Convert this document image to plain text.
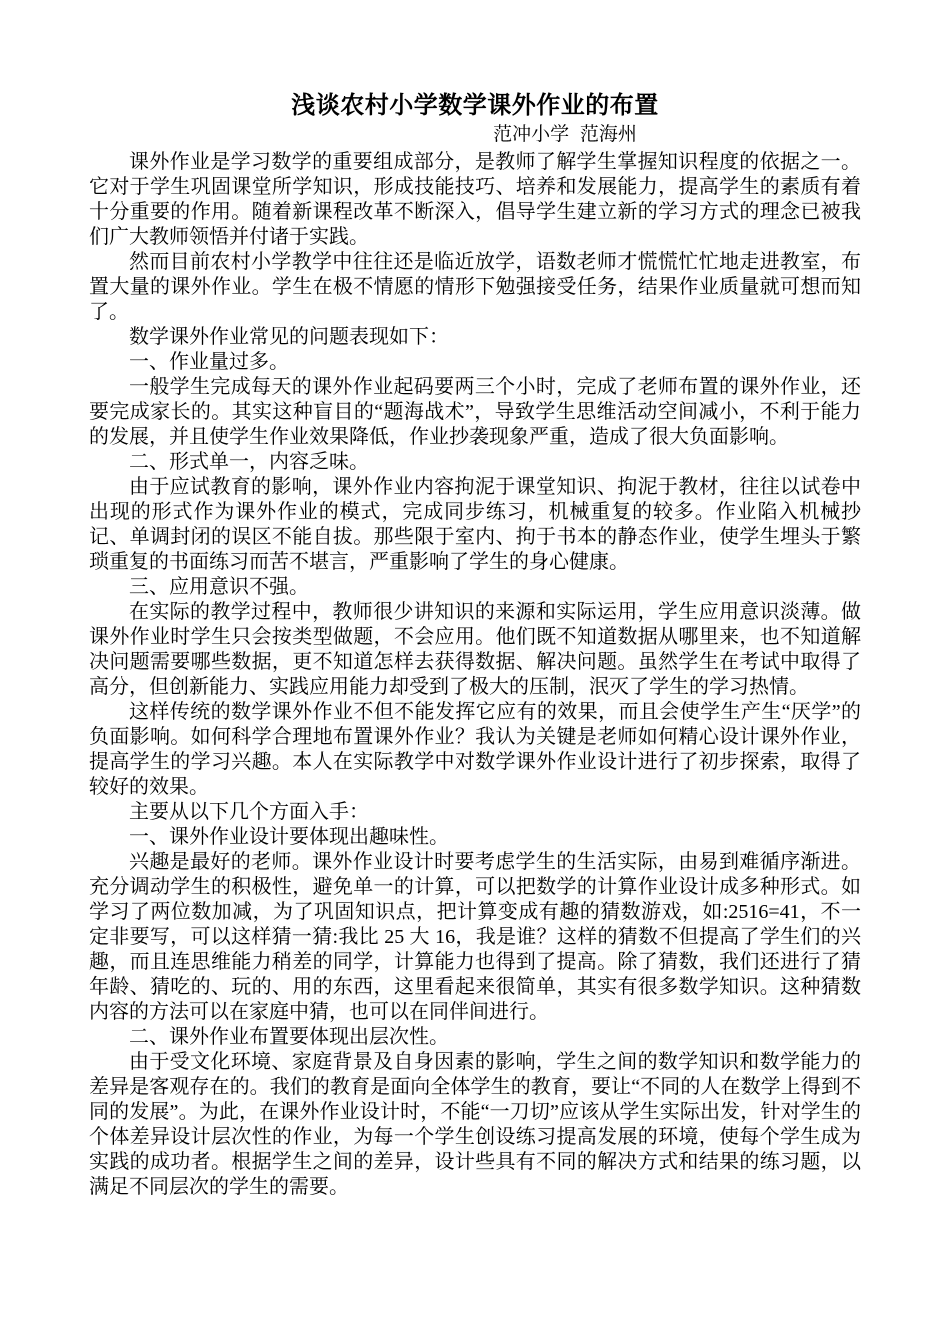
浅谈农村小学数学课外作业的布置
范冲小学 范海州

课外作业是学习数学的重要组成部分，是教师了解学生掌握知识程度的依据之一。它对于学生巩固课堂所学知识，形成技能技巧、培养和发展能力，提高学生的素质有着十分重要的作用。随着新课程改革不断深入，倡导学生建立新的学习方式的理念已被我们广大教师领悟并付诸于实践。

然而目前农村小学教学中往往还是临近放学，语数老师才慌慌忙忙地走进教室，布置大量的课外作业。学生在极不情愿的情形下勉强接受任务，结果作业质量就可想而知了。

数学课外作业常见的问题表现如下：

一、作业量过多。

一般学生完成每天的课外作业起码要两三个小时，完成了老师布置的课外作业，还要完成家长的。其实这种盲目的“题海战术”，导致学生思维活动空间减小，不利于能力的发展，并且使学生作业效果降低，作业抄袭现象严重，造成了很大负面影响。

二、形式单一，内容乏味。

由于应试教育的影响，课外作业内容拘泥于课堂知识、拘泥于教材，往往以试卷中出现的形式作为课外作业的模式，完成同步练习，机械重复的较多。作业陷入机械抄记、单调封闭的误区不能自拔。那些限于室内、拘于书本的静态作业，使学生埋头于繁琐重复的书面练习而苦不堪言，严重影响了学生的身心健康。

三、应用意识不强。

在实际的教学过程中，教师很少讲知识的来源和实际运用，学生应用意识淡薄。做课外作业时学生只会按类型做题，不会应用。他们既不知道数据从哪里来，也不知道解决问题需要哪些数据，更不知道怎样去获得数据、解决问题。虽然学生在考试中取得了高分，但创新能力、实践应用能力却受到了极大的压制，泯灭了学生的学习热情。

这样传统的数学课外作业不但不能发挥它应有的效果，而且会使学生产生“厌学”的负面影响。如何科学合理地布置课外作业？我认为关键是老师如何精心设计课外作业，提高学生的学习兴趣。本人在实际教学中对数学课外作业设计进行了初步探索，取得了较好的效果。

主要从以下几个方面入手：

一、课外作业设计要体现出趣味性。

兴趣是最好的老师。课外作业设计时要考虑学生的生活实际，由易到难循序渐进。充分调动学生的积极性，避免单一的计算，可以把数学的计算作业设计成多种形式。如学习了两位数加减，为了巩固知识点，把计算变成有趣的猜数游戏，如:2516=41，不一定非要写，可以这样猜一猜:我比 25 大 16，我是谁？这样的猜数不但提高了学生们的兴趣，而且连思维能力稍差的同学，计算能力也得到了提高。除了猜数，我们还进行了猜年龄、猜吃的、玩的、用的东西，这里看起来很简单，其实有很多数学知识。这种猜数内容的方法可以在家庭中猜，也可以在同伴间进行。

二、课外作业布置要体现出层次性。

由于受文化环境、家庭背景及自身因素的影响，学生之间的数学知识和数学能力的差异是客观存在的。我们的教育是面向全体学生的教育，要让“不同的人在数学上得到不同的发展”。为此，在课外作业设计时，不能“一刀切”应该从学生实际出发，针对学生的个体差异设计层次性的作业，为每一个学生创设练习提高发展的环境，使每个学生成为实践的成功者。根据学生之间的差异，设计些具有不同的解决方式和结果的练习题，以满足不同层次的学生的需要。
